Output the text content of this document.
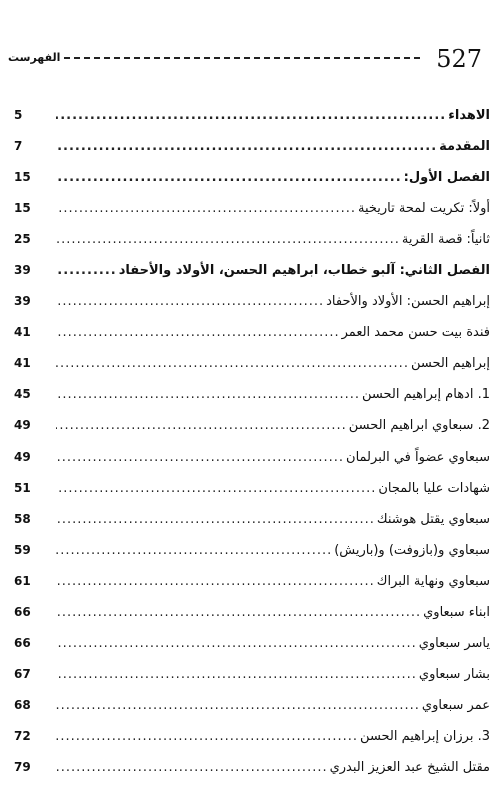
527
الفهرست
الاهداء
.....
5
المقدمة
.....
7
الفصل الأول:
.....
15
أولاً: تكريت لمحة تاريخية
.....
15
ثانياً: قصة القرية
.....
25
الفصل الثاني: آلبو خطاب، ابراهيم الحسن، الأولاد والأحفاد
.....
39
إبراهيم الحسن: الأولاد والأحفاد
.....
39
فندة بيت حسن محمد العمر
.....
41
إبراهيم الحسن
.....
41
1. ادهام إبراهيم الحسن
.....
45
2. سبعاوي ابراهيم الحسن
.....
49
سبعاوي عضواً في البرلمان
.....
49
شهادات عليا بالمجان
.....
51
سبعاوي يقتل هوشنك
.....
58
سبعاوي و(بازوفت) و(باريش)
.....
59
سبعاوي ونهاية البراك
.....
61
ابناء سبعاوي
.....
66
ياسر سبعاوي
.....
66
بشار سبعاوي
.....
67
عمر سبعاوي
.....
68
3. برزان إبراهيم الحسن
.....
72
مقتل الشيخ عبد العزيز البدري
.....
79
